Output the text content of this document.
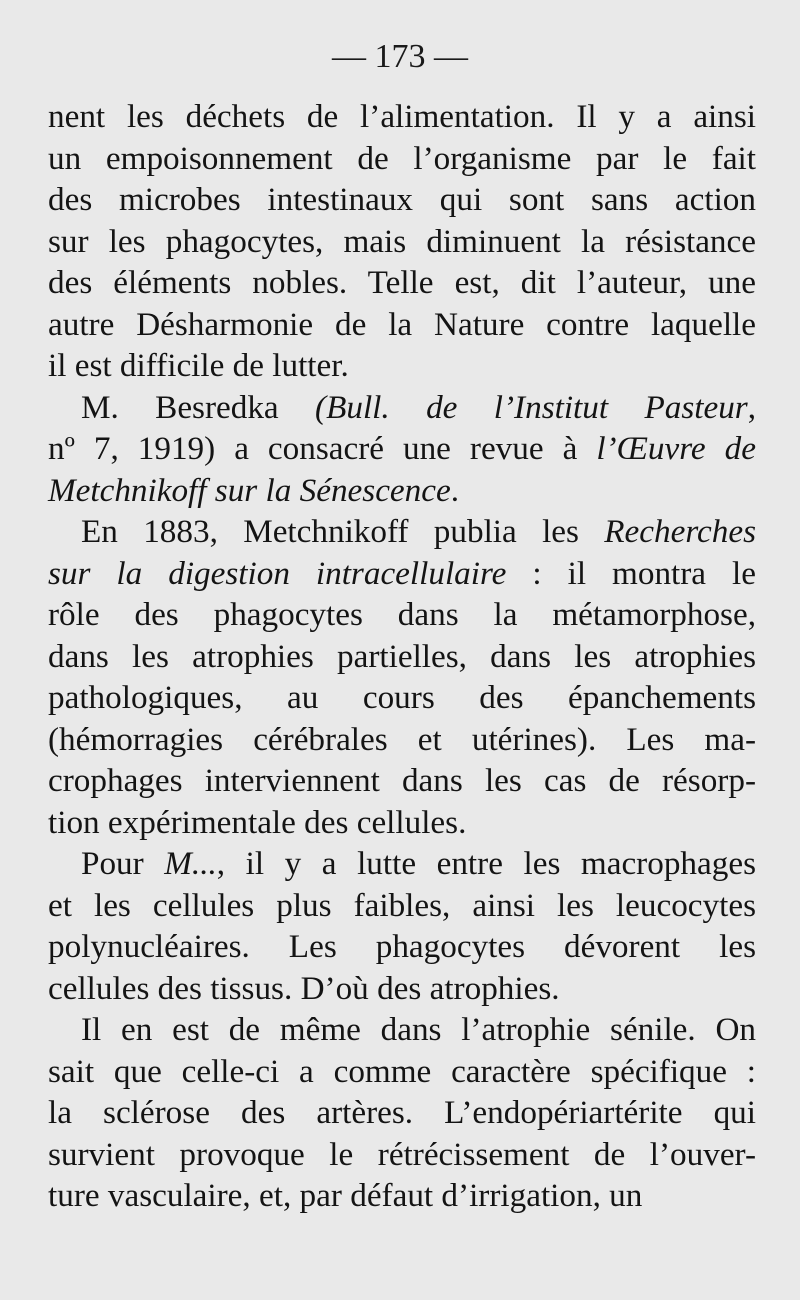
— 173 —
nent les déchets de l’alimentation. Il y a ainsi
un empoisonnement de l’organisme par le fait
des microbes intestinaux qui sont sans action
sur les phagocytes, mais diminuent la résistance
des éléments nobles. Telle est, dit l’auteur, une
autre Désharmonie de la Nature contre laquelle
il est difficile de lutter.
M. Besredka (Bull. de l’Institut Pasteur,
nº 7, 1919) a consacré une revue à l’Œuvre de
Metchnikoff sur la Sénescence.
En 1883, Metchnikoff publia les Recherches
sur la digestion intracellulaire : il montra le
rôle des phagocytes dans la métamorphose,
dans les atrophies partielles, dans les atrophies
pathologiques, au cours des épanchements
(hémorragies cérébrales et utérines). Les ma-
crophages interviennent dans les cas de résorp-
tion expérimentale des cellules.
Pour M..., il y a lutte entre les macrophages
et les cellules plus faibles, ainsi les leucocytes
polynucléaires. Les phagocytes dévorent les
cellules des tissus. D’où des atrophies.
Il en est de même dans l’atrophie sénile. On
sait que celle-ci a comme caractère spécifique :
la sclérose des artères. L’endopériartérite qui
survient provoque le rétrécissement de l’ouver-
ture vasculaire, et, par défaut d’irrigation, un
